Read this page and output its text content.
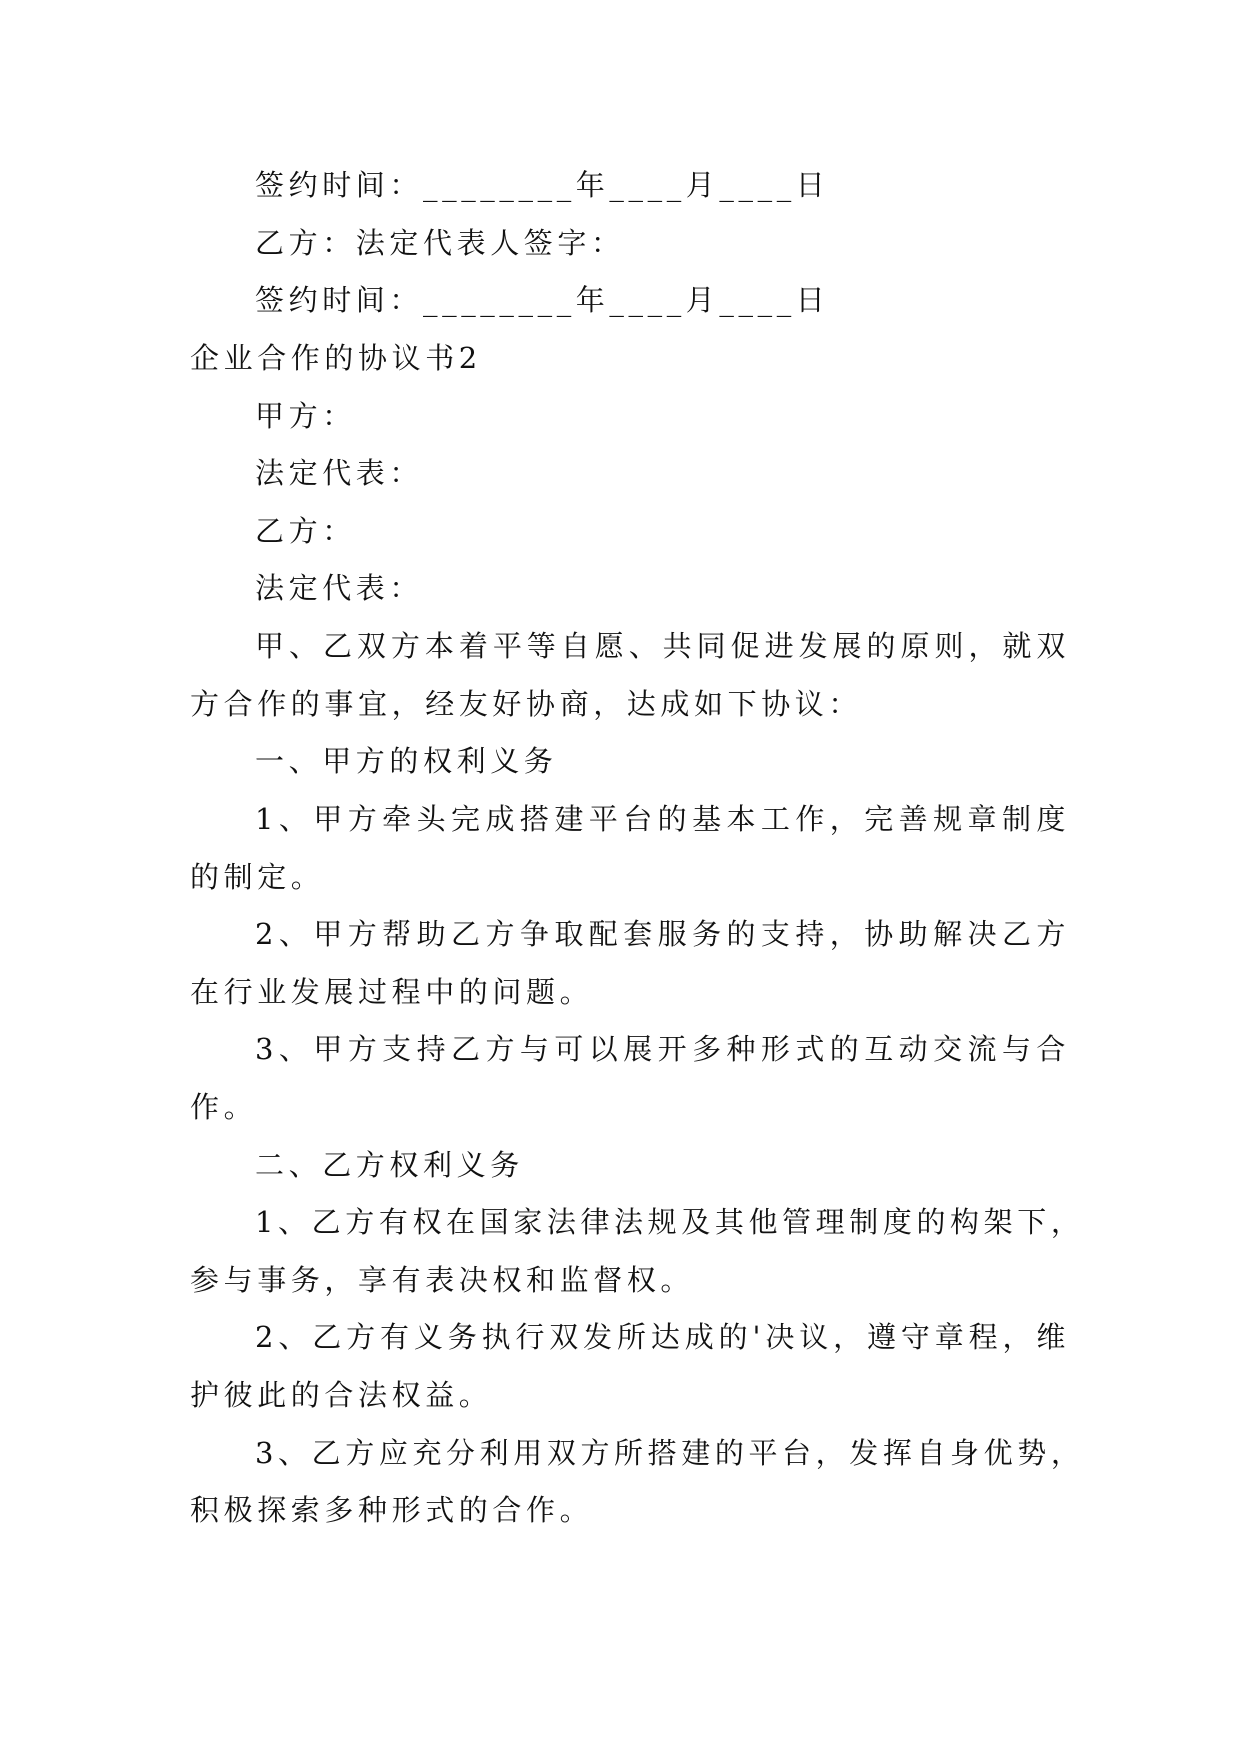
签约时间：________年____月____日
乙方：法定代表人签字：
签约时间：________年____月____日
企业合作的协议书2
甲方：
法定代表：
乙方：
法定代表：
甲、乙双方本着平等自愿、共同促进发展的原则，就双
方合作的事宜，经友好协商，达成如下协议：
一、甲方的权利义务
1、甲方牵头完成搭建平台的基本工作，完善规章制度
的制定。
2、甲方帮助乙方争取配套服务的支持，协助解决乙方
在行业发展过程中的问题。
3、甲方支持乙方与可以展开多种形式的互动交流与合
作。
二、乙方权利义务
1、乙方有权在国家法律法规及其他管理制度的构架下，
参与事务，享有表决权和监督权。
2、乙方有义务执行双发所达成的'决议，遵守章程，维
护彼此的合法权益。
3、乙方应充分利用双方所搭建的平台，发挥自身优势，
积极探索多种形式的合作。
